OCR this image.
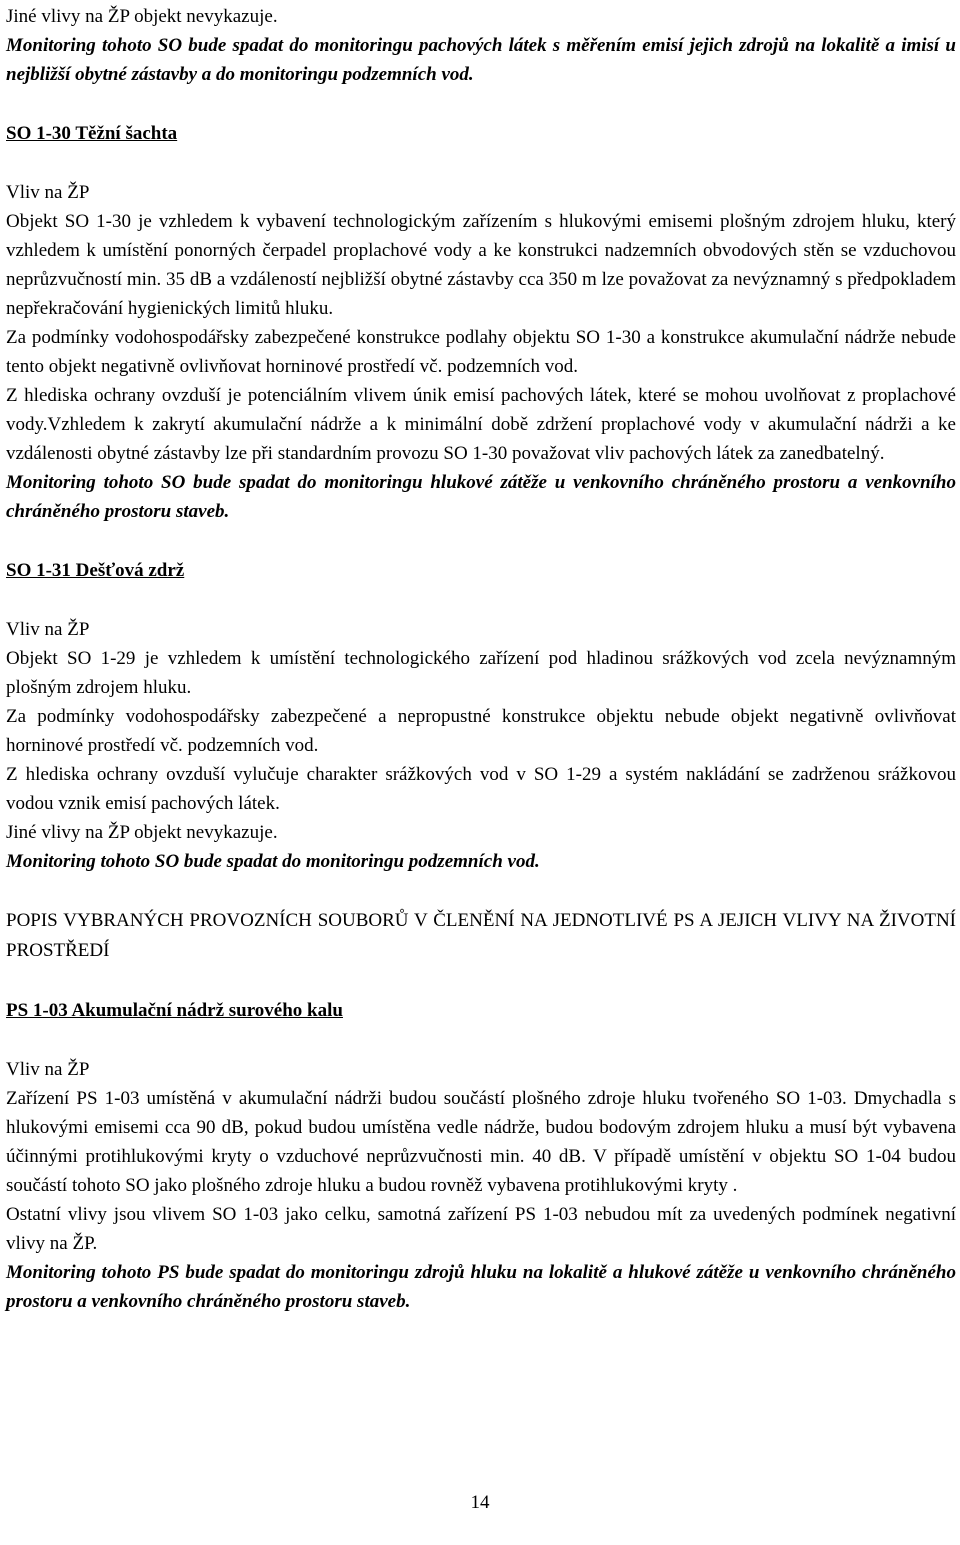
Jiné vlivy na ŽP objekt nevykazuje.

Monitoring tohoto SO bude spadat do monitoringu pachových látek s měřením emisí jejich zdrojů na lokalitě a imisí u nejbližší obytné zástavby a do monitoringu podzemních vod.

SO 1-30 Těžní šachta

Vliv na ŽP

Objekt SO 1-30 je vzhledem k vybavení technologickým zařízením s hlukovými emisemi plošným zdrojem hluku, který vzhledem k umístění ponorných čerpadel proplachové vody a ke konstrukci nadzemních obvodových stěn se vzduchovou neprůzvučností min. 35 dB a vzdáleností nejbližší obytné zástavby cca 350 m lze považovat za nevýznamný s předpokladem nepřekračování hygienických limitů hluku.

Za podmínky vodohospodářsky zabezpečené konstrukce podlahy objektu SO 1-30 a konstrukce akumulační nádrže nebude tento objekt negativně ovlivňovat horninové prostředí vč. podzemních vod.

Z hlediska ochrany ovzduší je potenciálním vlivem únik emisí pachových látek, které se mohou uvolňovat z proplachové vody.Vzhledem k zakrytí akumulační nádrže a k minimální době zdržení proplachové vody v akumulační nádrži a ke vzdálenosti obytné zástavby lze při standardním provozu SO 1-30 považovat vliv pachových látek za zanedbatelný.

Monitoring tohoto SO bude spadat do monitoringu hlukové zátěže u venkovního chráněného prostoru a venkovního chráněného prostoru staveb.

SO 1-31 Dešťová zdrž

Vliv na ŽP

Objekt SO 1-29 je vzhledem k umístění technologického zařízení pod hladinou srážkových vod zcela nevýznamným plošným zdrojem hluku.

Za podmínky vodohospodářsky zabezpečené a nepropustné konstrukce objektu nebude objekt negativně ovlivňovat horninové prostředí vč. podzemních vod.

Z hlediska ochrany ovzduší vylučuje charakter srážkových vod v SO 1-29 a systém nakládání se zadrženou srážkovou vodou vznik emisí pachových látek.

Jiné vlivy na ŽP objekt nevykazuje.

Monitoring tohoto SO bude spadat do monitoringu podzemních vod.

POPIS VYBRANÝCH PROVOZNÍCH SOUBORŮ V ČLENĚNÍ NA JEDNOTLIVÉ PS A JEJICH VLIVY NA ŽIVOTNÍ PROSTŘEDÍ

PS 1-03 Akumulační nádrž surového kalu

Vliv na ŽP

Zařízení PS 1-03 umístěná v akumulační nádrži budou součástí plošného zdroje hluku tvořeného SO 1-03. Dmychadla s hlukovými emisemi cca 90 dB, pokud budou umístěna vedle nádrže, budou bodovým zdrojem hluku a musí být vybavena účinnými protihlukovými kryty o vzduchové neprůzvučnosti min. 40 dB. V případě umístění v objektu SO 1-04 budou součástí tohoto SO jako plošného zdroje hluku a budou rovněž vybavena protihlukovými kryty .

Ostatní vlivy jsou vlivem SO 1-03 jako celku, samotná zařízení PS 1-03 nebudou mít za uvedených podmínek negativní vlivy na ŽP.

Monitoring tohoto PS bude spadat do monitoringu zdrojů hluku na lokalitě a hlukové zátěže u venkovního chráněného prostoru a venkovního chráněného prostoru staveb.

14
